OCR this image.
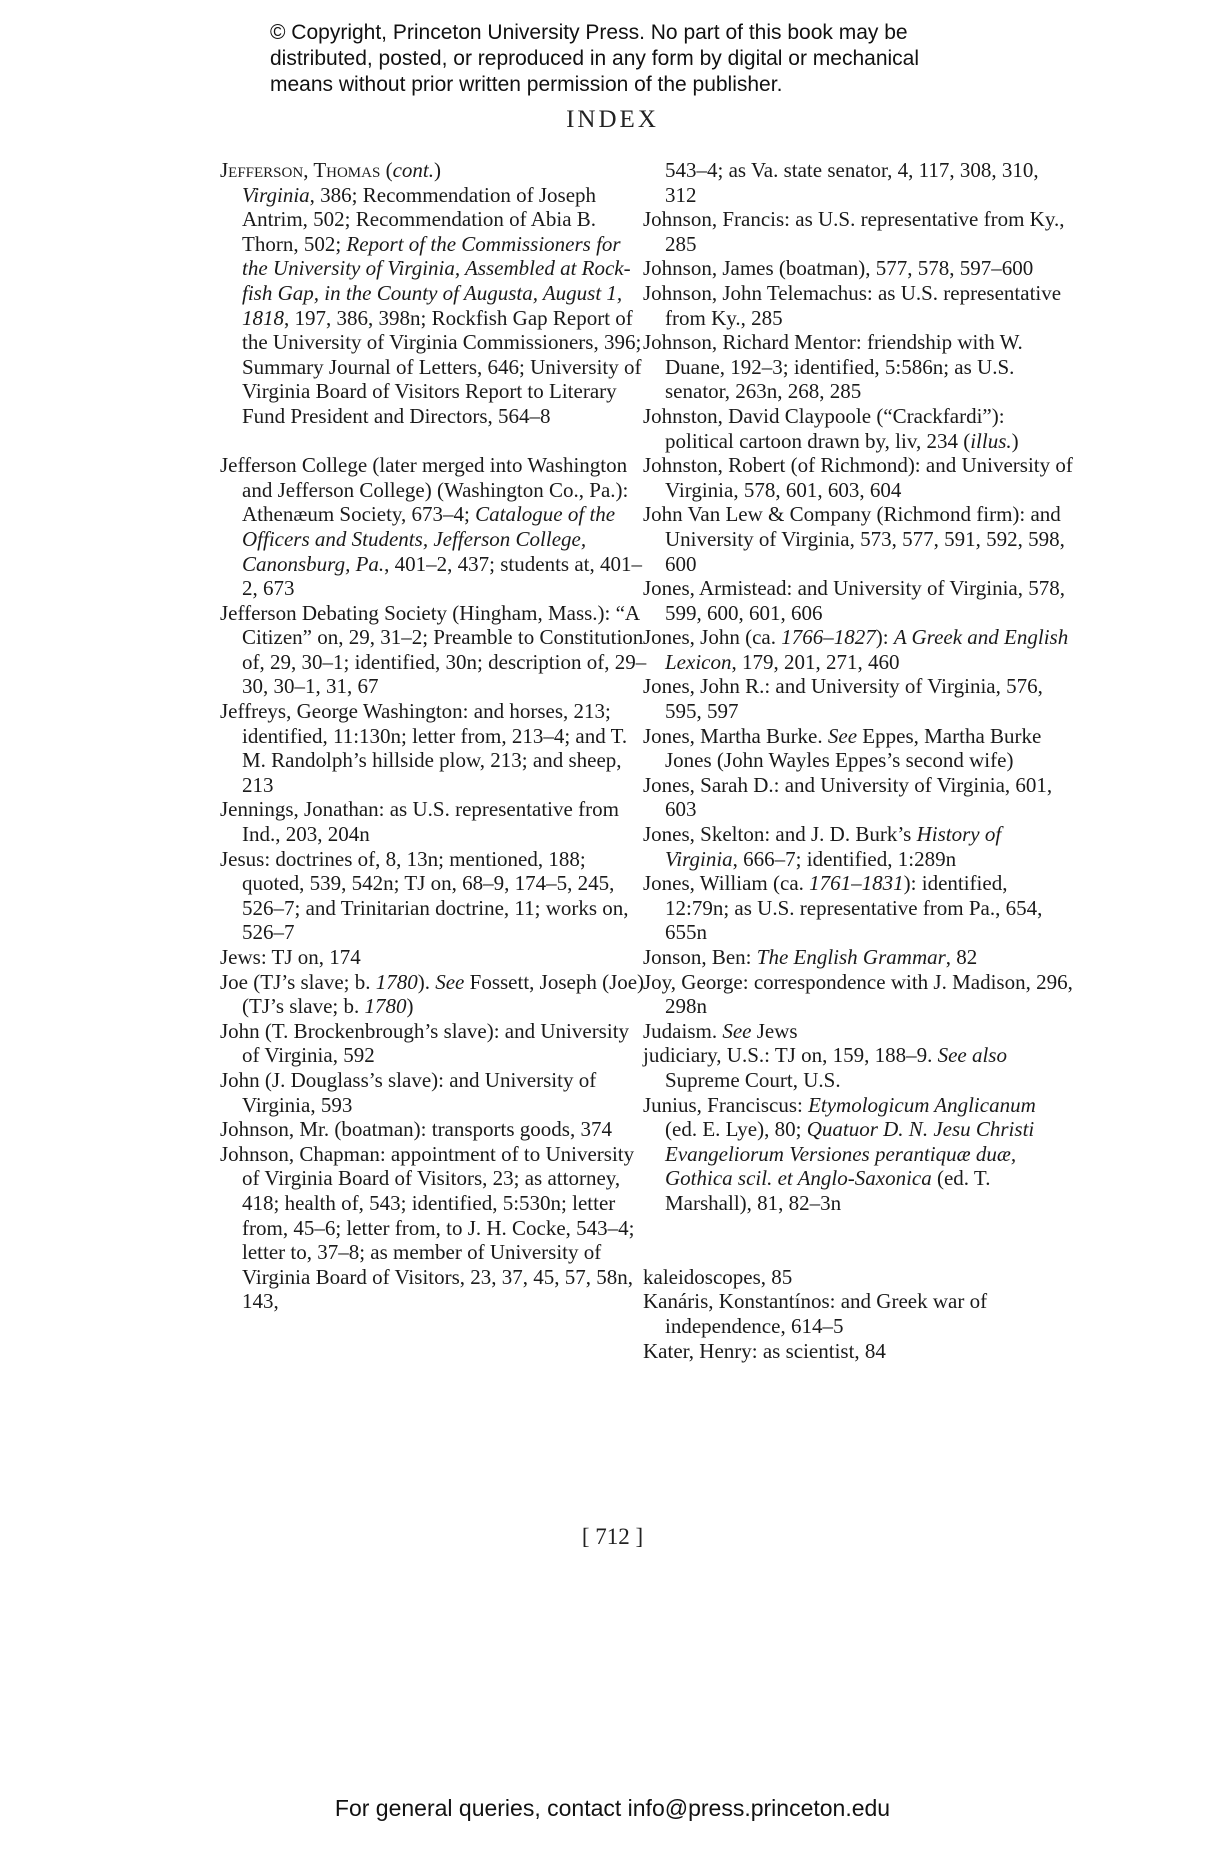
© Copyright, Princeton University Press. No part of this book may be
distributed, posted, or reproduced in any form by digital or mechanical
means without prior written permission of the publisher.
INDEX
Jefferson, Thomas (cont.)
Virginia, 386; Recommendation of Joseph Antrim, 502; Recommendation of Abia B. Thorn, 502; Report of the Commissioners for the University of Virginia, Assembled at Rock-fish Gap, in the County of Augusta, August 1, 1818, 197, 386, 398n; Rockfish Gap Report of the University of Virginia Commissioners, 396; Summary Journal of Letters, 646; University of Virginia Board of Visitors Report to Literary Fund President and Directors, 564–8
Jefferson College (later merged into Washington and Jefferson College) (Washington Co., Pa.): Athenæum Society, 673–4; Catalogue of the Officers and Students, Jefferson College, Canonsburg, Pa., 401–2, 437; students at, 401–2, 673
Jefferson Debating Society (Hingham, Mass.): “A Citizen” on, 29, 31–2; Preamble to Constitution of, 29, 30–1; identified, 30n; description of, 29–30, 30–1, 31, 67
Jeffreys, George Washington: and horses, 213; identified, 11:130n; letter from, 213–4; and T. M. Randolph’s hillside plow, 213; and sheep, 213
Jennings, Jonathan: as U.S. representative from Ind., 203, 204n
Jesus: doctrines of, 8, 13n; mentioned, 188; quoted, 539, 542n; TJ on, 68–9, 174–5, 245, 526–7; and Trinitarian doctrine, 11; works on, 526–7
Jews: TJ on, 174
Joe (TJ’s slave; b. 1780). See Fossett, Joseph (Joe) (TJ’s slave; b. 1780)
John (T. Brockenbrough’s slave): and University of Virginia, 592
John (J. Douglass’s slave): and University of Virginia, 593
Johnson, Mr. (boatman): transports goods, 374
Johnson, Chapman: appointment of to University of Virginia Board of Visitors, 23; as attorney, 418; health of, 543; identified, 5:530n; letter from, 45–6; letter from, to J. H. Cocke, 543–4; letter to, 37–8; as member of University of Virginia Board of Visitors, 23, 37, 45, 57, 58n, 143,
543–4; as Va. state senator, 4, 117, 308, 310, 312
Johnson, Francis: as U.S. representative from Ky., 285
Johnson, James (boatman), 577, 578, 597–600
Johnson, John Telemachus: as U.S. representative from Ky., 285
Johnson, Richard Mentor: friendship with W. Duane, 192–3; identified, 5:586n; as U.S. senator, 263n, 268, 285
Johnston, David Claypoole (“Crackfardi”): political cartoon drawn by, liv, 234 (illus.)
Johnston, Robert (of Richmond): and University of Virginia, 578, 601, 603, 604
John Van Lew & Company (Richmond firm): and University of Virginia, 573, 577, 591, 592, 598, 600
Jones, Armistead: and University of Virginia, 578, 599, 600, 601, 606
Jones, John (ca. 1766–1827): A Greek and English Lexicon, 179, 201, 271, 460
Jones, John R.: and University of Virginia, 576, 595, 597
Jones, Martha Burke. See Eppes, Martha Burke Jones (John Wayles Eppes’s second wife)
Jones, Sarah D.: and University of Virginia, 601, 603
Jones, Skelton: and J. D. Burk’s History of Virginia, 666–7; identified, 1:289n
Jones, William (ca. 1761–1831): identified, 12:79n; as U.S. representative from Pa., 654, 655n
Jonson, Ben: The English Grammar, 82
Joy, George: correspondence with J. Madison, 296, 298n
Judaism. See Jews
judiciary, U.S.: TJ on, 159, 188–9. See also Supreme Court, U.S.
Junius, Franciscus: Etymologicum Anglicanum (ed. E. Lye), 80; Quatuor D. N. Jesu Christi Evangeliorum Versiones perantiquæ duæ, Gothica scil. et Anglo-Saxonica (ed. T. Marshall), 81, 82–3n
kaleidoscopes, 85
Kanáris, Konstantínos: and Greek war of independence, 614–5
Kater, Henry: as scientist, 84
[ 712 ]
For general queries, contact info@press.princeton.edu
